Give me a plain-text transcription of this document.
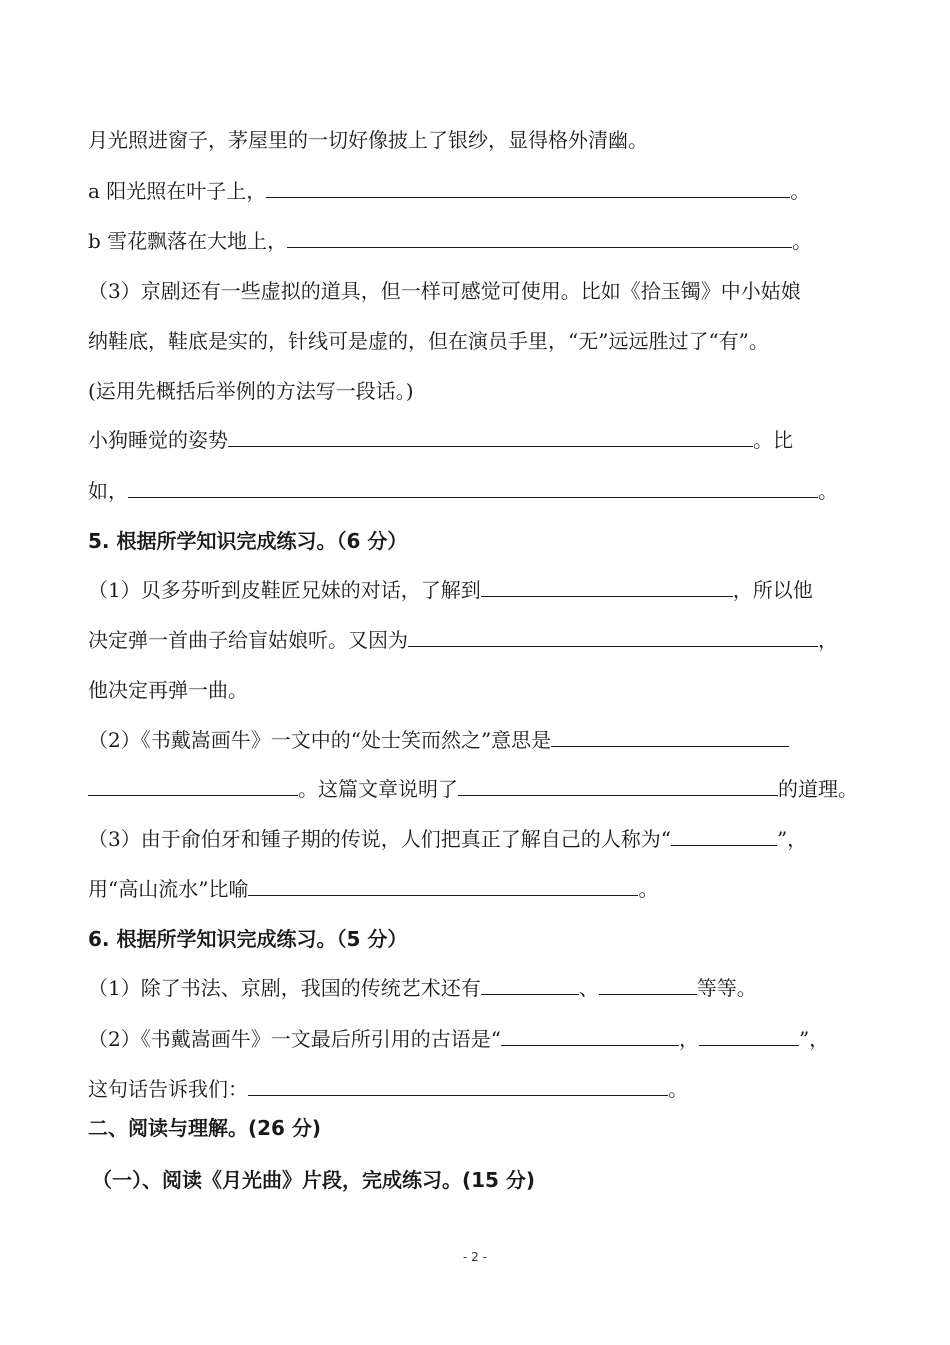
月光照进窗子，茅屋里的一切好像披上了银纱，显得格外清幽。
a 阳光照在叶子上，	。
b 雪花飘落在大地上，	。
（3）京剧还有一些虚拟的道具，但一样可感觉可使用。比如《拾玉镯》中小姑娘
纳鞋底，鞋底是实的，针线可是虚的，但在演员手里，“无”远远胜过了“有”。
(运用先概括后举例的方法写一段话。)
小狗睡觉的姿势	。比
如，	。
5. 根据所学知识完成练习。（6 分）
（1）贝多芬听到皮鞋匠兄妹的对话，了解到	，所以他
决定弹一首曲子给盲姑娘听。又因为	，
他决定再弹一曲。
（2）《书戴嵩画牛》一文中的“处士笑而然之”意思是
。这篇文章说明了	的道理。
（3）由于俞伯牙和锺子期的传说，人们把真正了解自己的人称为“	”，
用“高山流水”比喻	。
6. 根据所学知识完成练习。（5 分）
（1）除了书法、京剧，我国的传统艺术还有	、	等等。
（2）《书戴嵩画牛》一文最后所引用的古语是“	，	”，
这句话告诉我们：	。
二、阅读与理解。(26 分)
（一）、阅读《月光曲》片段，完成练习。(15 分)
- 2 -
